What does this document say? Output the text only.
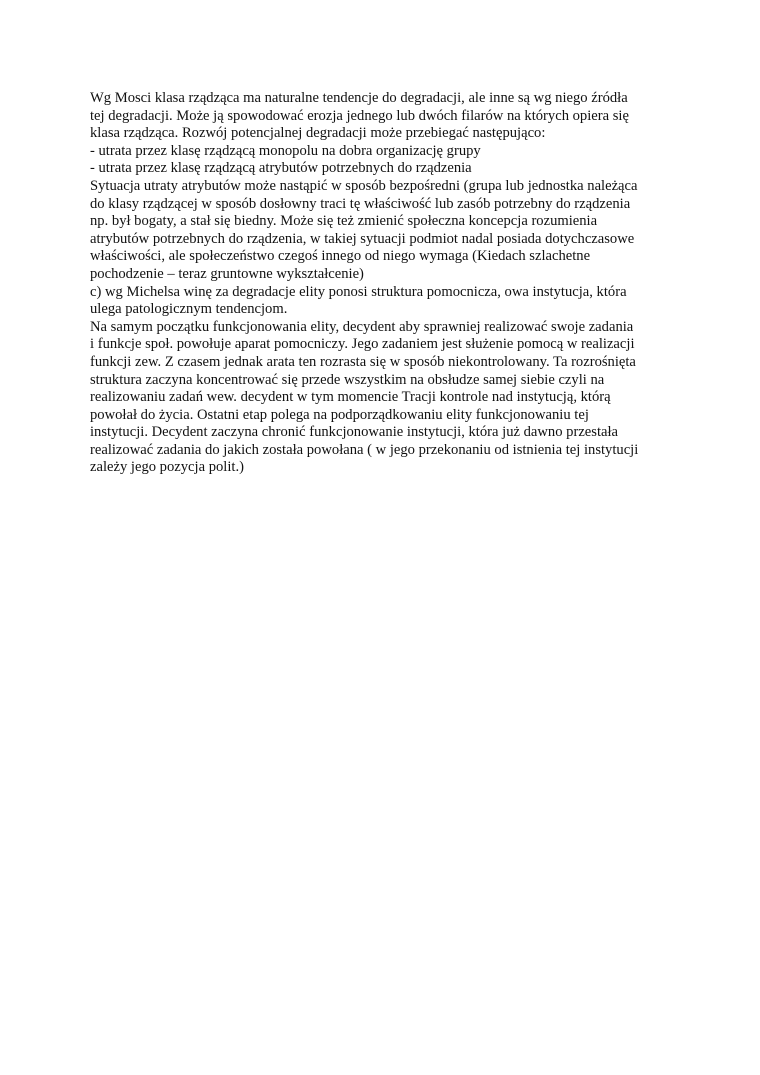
Wg Mosci klasa rządząca ma naturalne tendencje do degradacji, ale inne są wg niego źródła
tej degradacji. Może ją spowodować erozja jednego lub dwóch filarów na których opiera się
klasa rządząca. Rozwój potencjalnej degradacji może przebiegać następująco:
- utrata przez klasę rządzącą monopolu na dobra organizację grupy
- utrata przez klasę rządzącą atrybutów potrzebnych do rządzenia
Sytuacja utraty atrybutów może nastąpić w sposób bezpośredni (grupa lub jednostka należąca
do klasy rządzącej w sposób dosłowny traci tę właściwość lub zasób potrzebny do rządzenia
np. był bogaty, a stał się biedny. Może się też zmienić społeczna koncepcja rozumienia
atrybutów potrzebnych do rządzenia, w takiej sytuacji podmiot nadal posiada dotychczasowe
właściwości, ale społeczeństwo czegoś innego od niego wymaga (Kiedach szlachetne
pochodzenie – teraz gruntowne wykształcenie)
c) wg Michelsa winę za degradacje elity ponosi struktura pomocnicza, owa instytucja, która
ulega patologicznym tendencjom.
Na samym początku funkcjonowania elity, decydent aby sprawniej realizować swoje zadania
i funkcje społ. powołuje aparat pomocniczy. Jego zadaniem jest służenie pomocą w realizacji
funkcji zew. Z czasem jednak arata ten rozrasta się w sposób niekontrolowany. Ta rozrośnięta
struktura zaczyna koncentrować się przede wszystkim na obsłudze samej siebie czyli na
realizowaniu zadań wew. decydent w tym momencie Tracji kontrole nad instytucją, którą
powołał do życia. Ostatni etap polega na podporządkowaniu elity funkcjonowaniu tej
instytucji. Decydent zaczyna chronić funkcjonowanie instytucji, która już dawno przestała
realizować zadania do jakich została powołana ( w jego przekonaniu od istnienia tej instytucji
zależy jego pozycja polit.)
